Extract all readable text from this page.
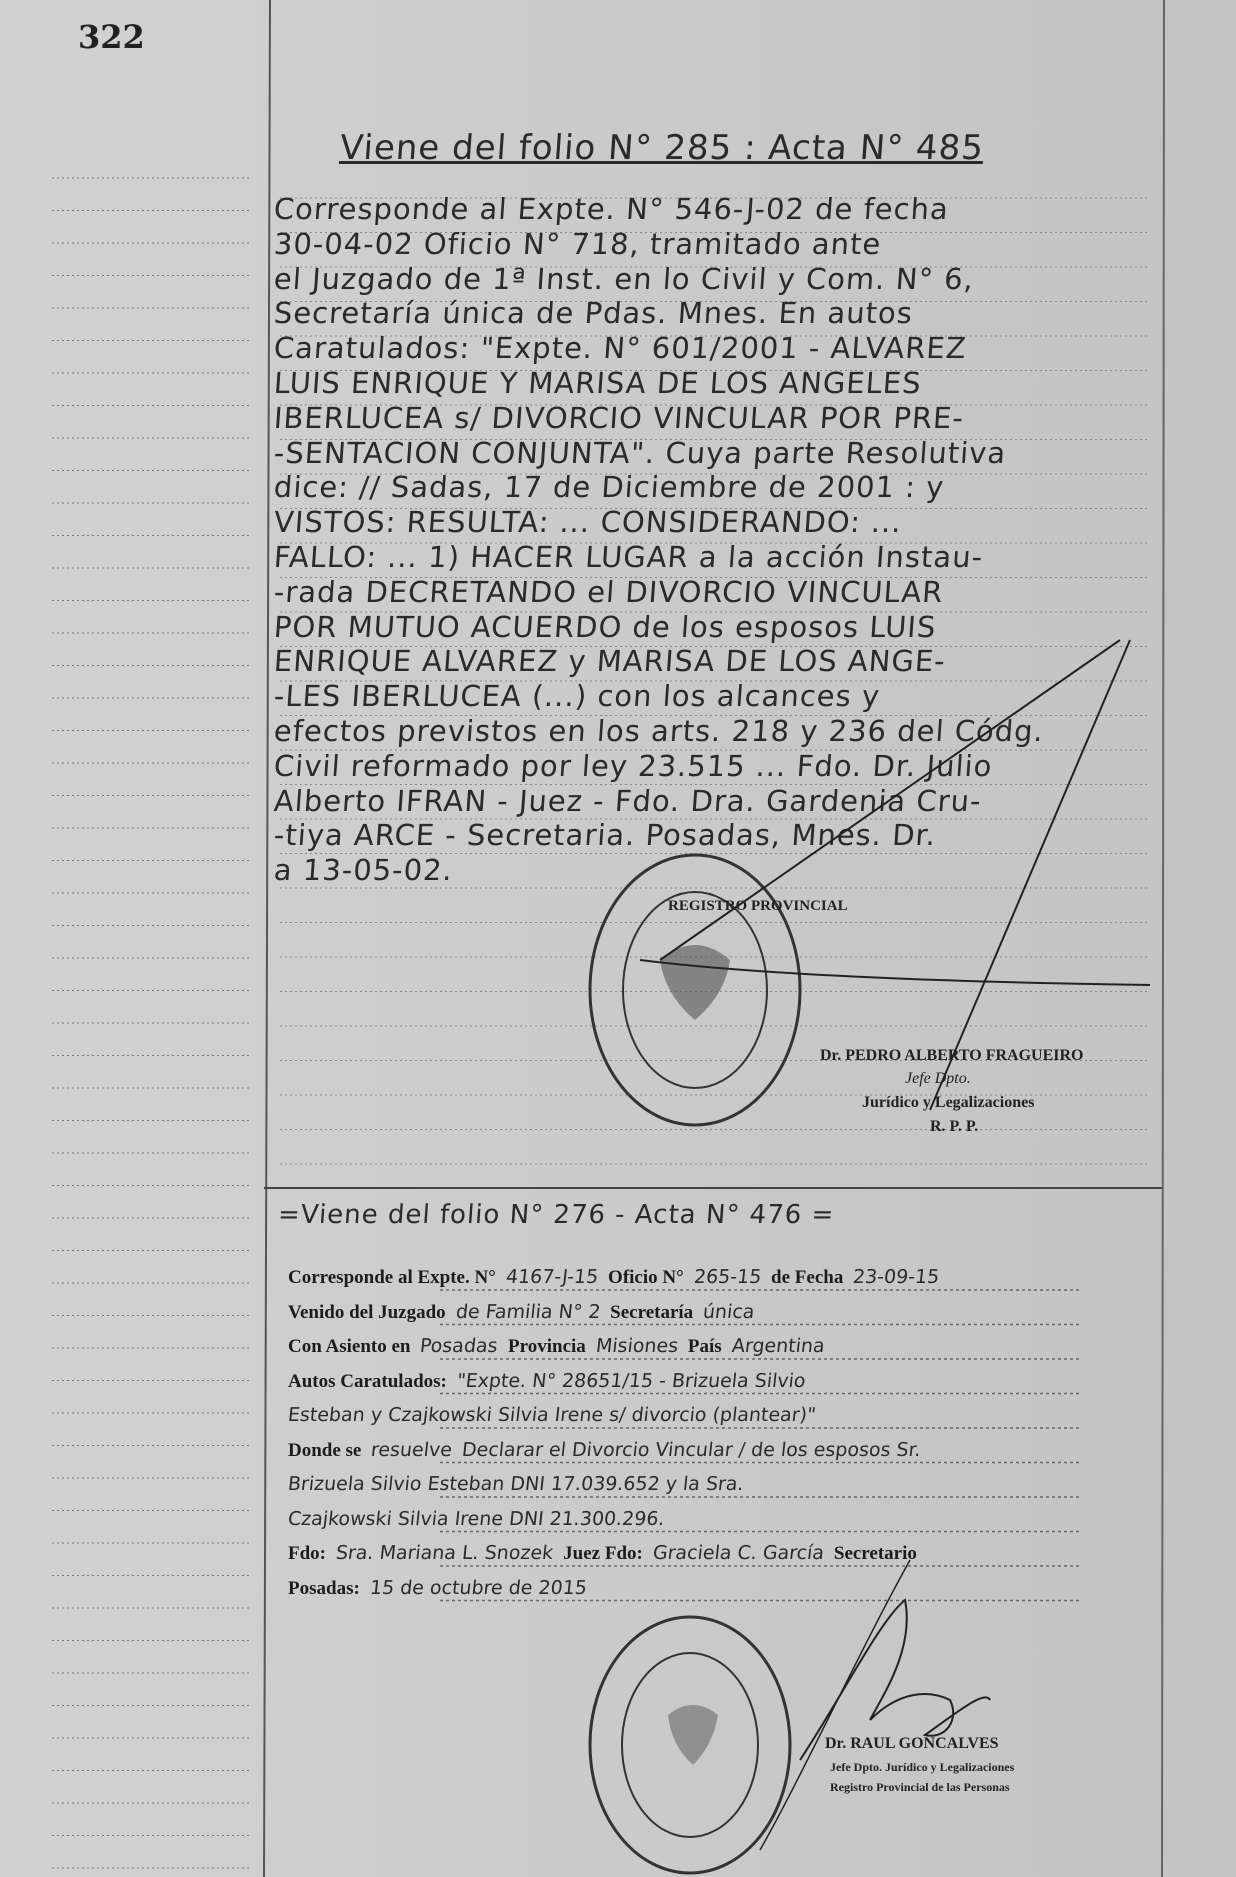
322
Viene del folio N° 285 : Acta N° 485
Corresponde al Expte. N° 546-J-02 de fecha
30-04-02 Oficio N° 718, tramitado ante
el Juzgado de 1ª Inst. en lo Civil y Com. N° 6,
Secretaría única de Pdas. Mnes. En autos
Caratulados: "Expte. N° 601/2001 - ALVAREZ
LUIS ENRIQUE Y MARISA DE LOS ANGELES
IBERLUCEA s/ DIVORCIO VINCULAR POR PRE-
-SENTACION CONJUNTA". Cuya parte Resolutiva
dice: // Sadas, 17 de Diciembre de 2001 : y
VISTOS: RESULTA: ... CONSIDERANDO: ...
FALLO: ... 1) HACER LUGAR a la acción Instau-
-rada DECRETANDO el DIVORCIO VINCULAR
POR MUTUO ACUERDO de los esposos LUIS
ENRIQUE ALVAREZ y MARISA DE LOS ANGE-
-LES IBERLUCEA (...) con los alcances y
efectos previstos en los arts. 218 y 236 del Códg.
Civil reformado por ley 23.515 ... Fdo. Dr. Julio
Alberto IFRAN - Juez - Fdo. Dra. Gardenia Cru-
-tiya ARCE - Secretaria. Posadas, Mnes. Dr.
a 13-05-02.
REGISTRO PROVINCIAL
Dr. PEDRO ALBERTO FRAGUEIRO
Jefe Dpto.
Jurídico y Legalizaciones
R. P. P.
=Viene del folio N° 276 - Acta N° 476 =
Corresponde al Expte. N° 4167-J-15 Oficio N° 265-15 de Fecha 23-09-15
Venido del Juzgado de Familia N° 2 Secretaría única
Con Asiento en Posadas Provincia Misiones País Argentina
Autos Caratulados: "Expte. N° 28651/15 - Brizuela Silvio
Esteban y Czajkowski Silvia Irene s/ divorcio (plantear)"
Donde se resuelve Declarar el Divorcio Vincular / de los esposos Sr.
Brizuela Silvio Esteban DNI 17.039.652 y la Sra.
Czajkowski Silvia Irene DNI 21.300.296.
Fdo: Sra. Mariana L. Snozek Juez Fdo: Graciela C. García Secretario
Posadas: 15 de octubre de 2015
Dr. RAUL GONCALVES
Jefe Dpto. Jurídico y Legalizaciones
Registro Provincial de las Personas
